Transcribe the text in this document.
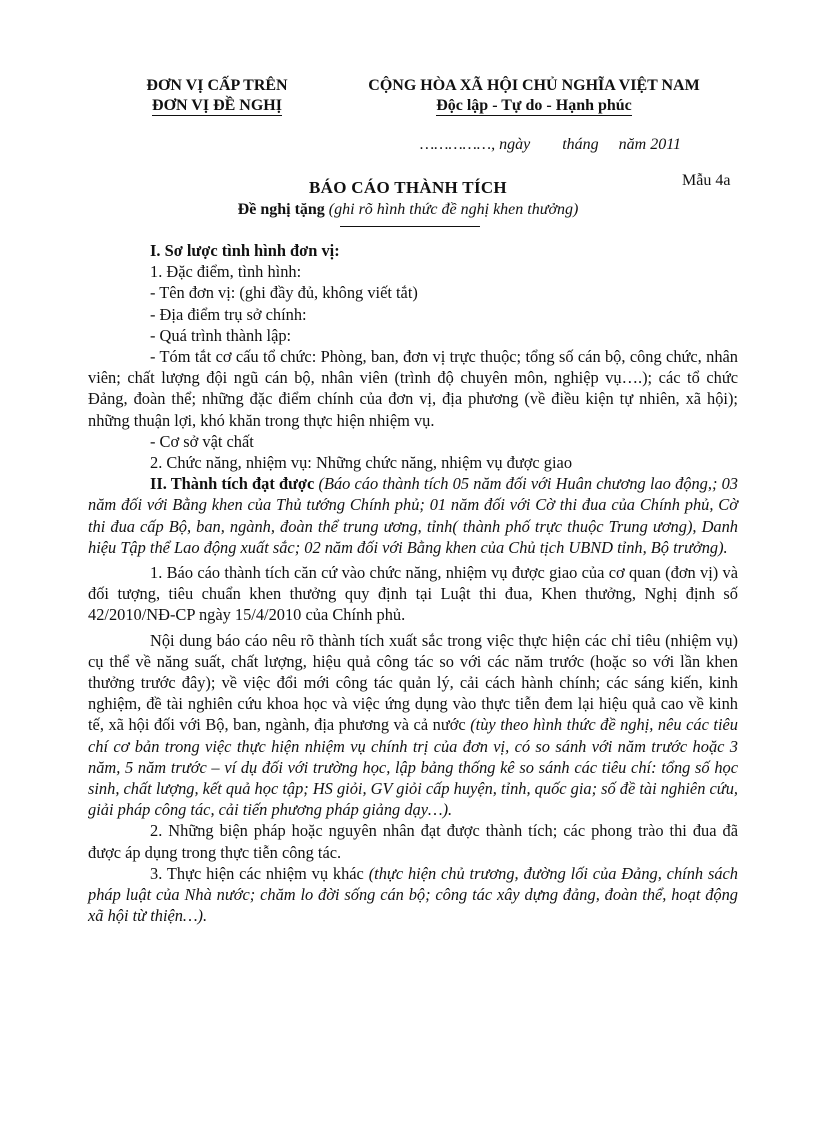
ĐƠN VỊ CẤP TRÊN
ĐƠN VỊ ĐỀ NGHỊ
CỘNG HÒA XÃ HỘI CHỦ NGHĨA VIỆT NAM
Độc lập - Tự do - Hạnh phúc
……………, ngày        tháng     năm 2011
Mẫu 4a
BÁO CÁO THÀNH TÍCH
Đề nghị tặng (ghi rõ hình thức đề nghị khen thưởng)

I. Sơ lược tình hình đơn vị:

1. Đặc điểm, tình hình:

- Tên đơn vị: (ghi đầy đủ, không viết tắt)

- Địa điểm trụ sở chính:

- Quá trình thành lập:

- Tóm tắt cơ cấu tổ chức: Phòng, ban, đơn vị trực thuộc; tổng số cán bộ, công chức, nhân viên; chất lượng đội ngũ cán bộ, nhân viên (trình độ chuyên môn, nghiệp vụ….); các tổ chức Đảng, đoàn thể; những đặc điểm chính của đơn vị, địa phương (về điều kiện tự nhiên, xã hội); những thuận lợi, khó khăn trong thực hiện nhiệm vụ.

- Cơ sở vật chất

2. Chức năng, nhiệm vụ: Những chức năng, nhiệm vụ được giao

II. Thành tích đạt được (Báo cáo thành tích 05 năm đối với Huân chương lao động,; 03 năm đối với Bằng khen của Thủ tướng Chính phủ; 01 năm đối với Cờ thi đua của Chính phủ, Cờ thi đua cấp Bộ, ban, ngành, đoàn thể trung ương, tỉnh( thành phố trực thuộc Trung ương), Danh hiệu Tập thể Lao động xuất sắc; 02 năm đối với Bằng khen của Chủ tịch UBND tỉnh, Bộ trưởng).

1. Báo cáo thành tích căn cứ vào chức năng, nhiệm vụ được giao của cơ quan (đơn vị) và đối tượng, tiêu chuẩn khen thưởng quy định tại Luật thi đua, Khen thưởng, Nghị định số 42/2010/NĐ-CP ngày 15/4/2010 của Chính phủ.

Nội dung báo cáo nêu rõ thành tích xuất sắc trong việc thực hiện các chỉ tiêu (nhiệm vụ) cụ thể về năng suất, chất lượng, hiệu quả công tác so với các năm trước (hoặc so với lần khen thưởng trước đây); về việc đổi mới công tác quản lý, cải cách hành chính; các sáng kiến, kinh nghiệm, đề tài nghiên cứu khoa học và việc ứng dụng vào thực tiễn đem lại hiệu quả cao về kinh tế, xã hội đối với Bộ, ban, ngành, địa phương và cả nước (tùy theo hình thức đề nghị, nêu các tiêu chí cơ bản trong việc thực hiện nhiệm vụ chính trị của đơn vị, có so sánh với năm trước hoặc 3 năm, 5 năm trước – ví dụ đối với trường học, lập bảng thống kê so sánh các tiêu chí: tổng số học sinh, chất lượng, kết quả học tập; HS giỏi, GV giỏi cấp huyện, tỉnh, quốc gia; số đề tài nghiên cứu, giải pháp công tác, cải tiến phương pháp giảng dạy…).

2. Những biện pháp hoặc nguyên nhân đạt được thành tích; các phong trào thi đua đã được áp dụng trong thực tiễn công tác.

3. Thực hiện các nhiệm vụ khác (thực hiện chủ trương, đường lối của Đảng, chính sách pháp luật của Nhà nước; chăm lo đời sống cán bộ; công tác xây dựng đảng, đoàn thể, hoạt động xã hội từ thiện…).
